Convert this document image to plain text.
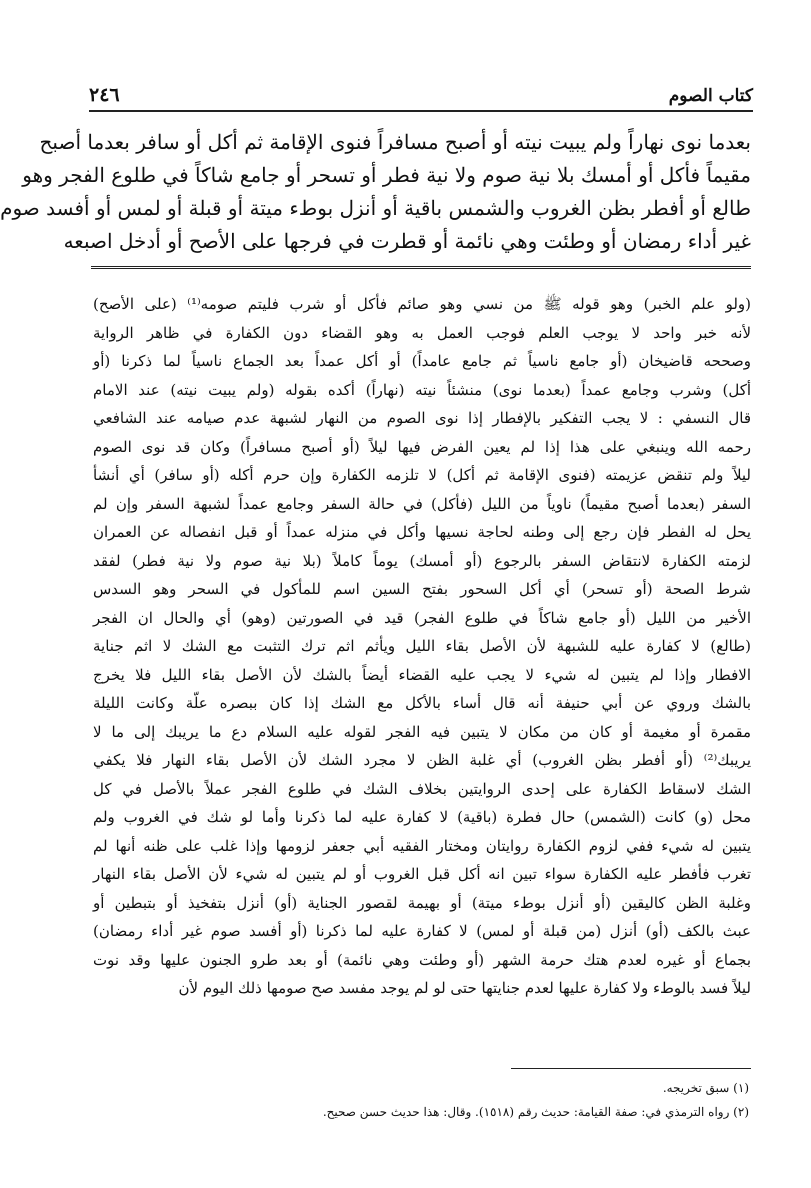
كتاب الصوم
٢٤٦
بعدما نوى نهاراً ولم يبيت نيته أو أصبح مسافراً فنوى الإقامة ثم أكل أو سافر بعدما أصبح
مقيماً فأكل أو أمسك بلا نية صوم ولا نية فطر أو تسحر أو جامع شاكاً في طلوع الفجر وهو
طالع أو أفطر بظن الغروب والشمس باقية أو أنزل بوطء ميتة أو قبلة أو لمس أو أفسد صوم
غير أداء رمضان أو وطئت وهي نائمة أو قطرت في فرجها على الأصح أو أدخل اصبعه
(ولو علم الخبر) وهو قوله ﷺ من نسي وهو صائم فأكل أو شرب فليتم صومه⁽¹⁾ (على الأصح)
لأنه خبر واحد لا يوجب العلم فوجب العمل به وهو القضاء دون الكفارة في ظاهر الرواية
وصححه قاضيخان (أو جامع ناسياً ثم جامع عامداً) أو أكل عمداً بعد الجماع ناسياً لما ذكرنا (أو
أكل) وشرب وجامع عمداً (بعدما نوى) منشئاً نيته (نهاراً) أكده بقوله (ولم يبيت نيته) عند الامام
قال النسفي : لا يجب التفكير بالإفطار إذا نوى الصوم من النهار لشبهة عدم صيامه عند الشافعي
رحمه الله وينبغي على هذا إذا لم يعين الفرض فيها ليلاً (أو أصبح مسافراً) وكان قد نوى الصوم
ليلاً ولم تنقض عزيمته (فنوى الإقامة ثم أكل) لا تلزمه الكفارة وإن حرم أكله (أو سافر) أي أنشأ
السفر (بعدما أصبح مقيماً) ناوياً من الليل (فأكل) في حالة السفر وجامع عمداً لشبهة السفر وإن لم
يحل له الفطر فإن رجع إلى وطنه لحاجة نسيها وأكل في منزله عمداً أو قبل انفصاله عن العمران
لزمته الكفارة لانتقاض السفر بالرجوع (أو أمسك) يوماً كاملاً (بلا نية صوم ولا نية فطر) لفقد
شرط الصحة (أو تسحر) أي أكل السحور بفتح السين اسم للمأكول في السحر وهو السدس
الأخير من الليل (أو جامع شاكاً في طلوع الفجر) قيد في الصورتين (وهو) أي والحال ان الفجر
(طالع) لا كفارة عليه للشبهة لأن الأصل بقاء الليل ويأثم اثم ترك التثبت مع الشك لا اثم جناية
الافطار وإذا لم يتبين له شيء لا يجب عليه القضاء أيضاً بالشك لأن الأصل بقاء الليل فلا يخرج
بالشك وروي عن أبي حنيفة أنه قال أساء بالأكل مع الشك إذا كان ببصره علّة وكانت الليلة
مقمرة أو مغيمة أو كان من مكان لا يتبين فيه الفجر لقوله عليه السلام دع ما يريبك إلى ما لا
يريبك⁽²⁾ (أو أفطر بظن الغروب) أي غلبة الظن لا مجرد الشك لأن الأصل بقاء النهار فلا يكفي
الشك لاسقاط الكفارة على إحدى الروايتين بخلاف الشك في طلوع الفجر عملاً بالأصل في كل
محل (و) كانت (الشمس) حال فطرة (باقية) لا كفارة عليه لما ذكرنا وأما لو شك في الغروب ولم
يتبين له شيء ففي لزوم الكفارة روايتان ومختار الفقيه أبي جعفر لزومها وإذا غلب على ظنه أنها لم
تغرب فأفطر عليه الكفارة سواء تبين انه أكل قبل الغروب أو لم يتبين له شيء لأن الأصل بقاء النهار
وغلبة الظن كاليقين (أو أنزل بوطء ميتة) أو بهيمة لقصور الجناية (أو) أنزل بتفخيذ أو بتبطين أو
عبث بالكف (أو) أنزل (من قبلة أو لمس) لا كفارة عليه لما ذكرنا (أو أفسد صوم غير أداء رمضان)
بجماع أو غيره لعدم هتك حرمة الشهر (أو وطئت وهي نائمة) أو بعد طرو الجنون عليها وقد نوت
ليلاً فسد بالوطء ولا كفارة عليها لعدم جنايتها حتى لو لم يوجد مفسد صح صومها ذلك اليوم لأن
(١) سبق تخريجه.
(٢) رواه الترمذي في: صفة القيامة: حديث رقم (١٥١٨). وقال: هذا حديث حسن صحيح.
